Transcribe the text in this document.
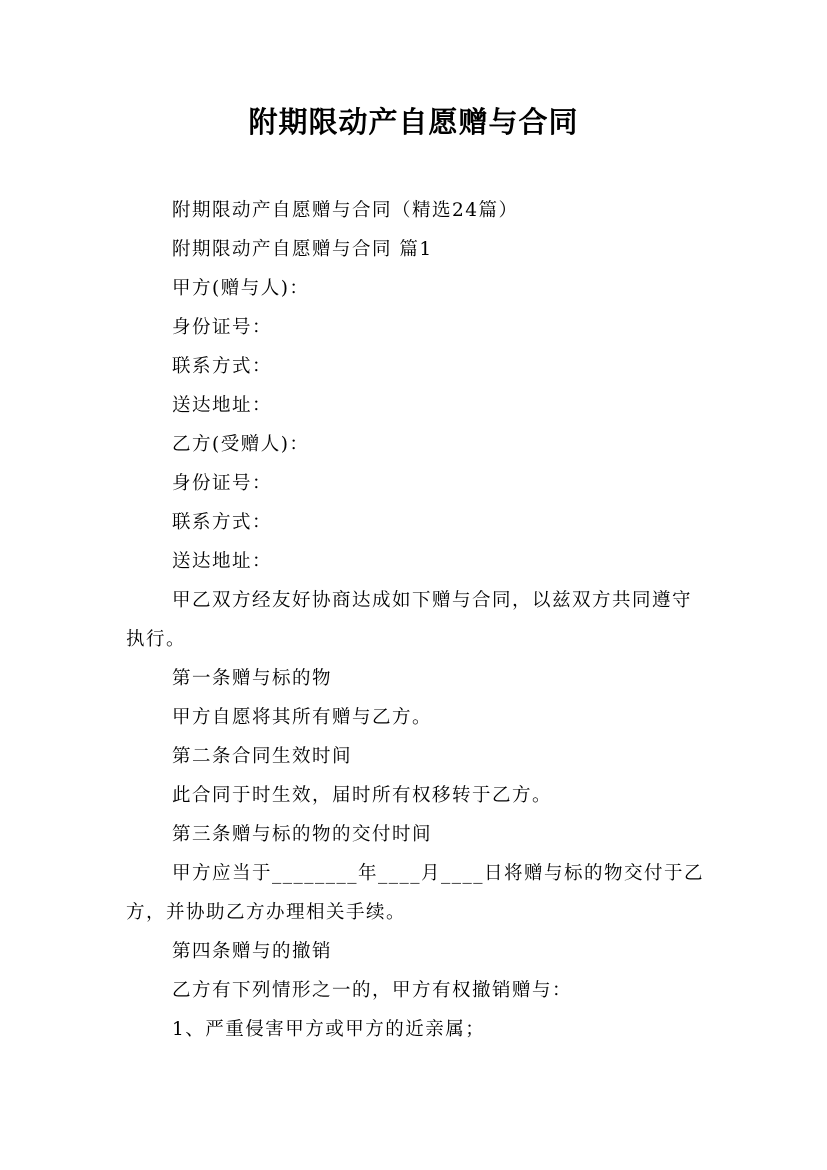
附期限动产自愿赠与合同

附期限动产自愿赠与合同（精选24篇）

附期限动产自愿赠与合同 篇1

甲方(赠与人)：

身份证号：

联系方式：

送达地址：

乙方(受赠人)：

身份证号：

联系方式：

送达地址：

甲乙双方经友好协商达成如下赠与合同，以兹双方共同遵守执行。

第一条赠与标的物

甲方自愿将其所有赠与乙方。

第二条合同生效时间

此合同于时生效，届时所有权移转于乙方。

第三条赠与标的物的交付时间

甲方应当于________年____月____日将赠与标的物交付于乙方，并协助乙方办理相关手续。

第四条赠与的撤销

乙方有下列情形之一的，甲方有权撤销赠与：

1、严重侵害甲方或甲方的近亲属；
